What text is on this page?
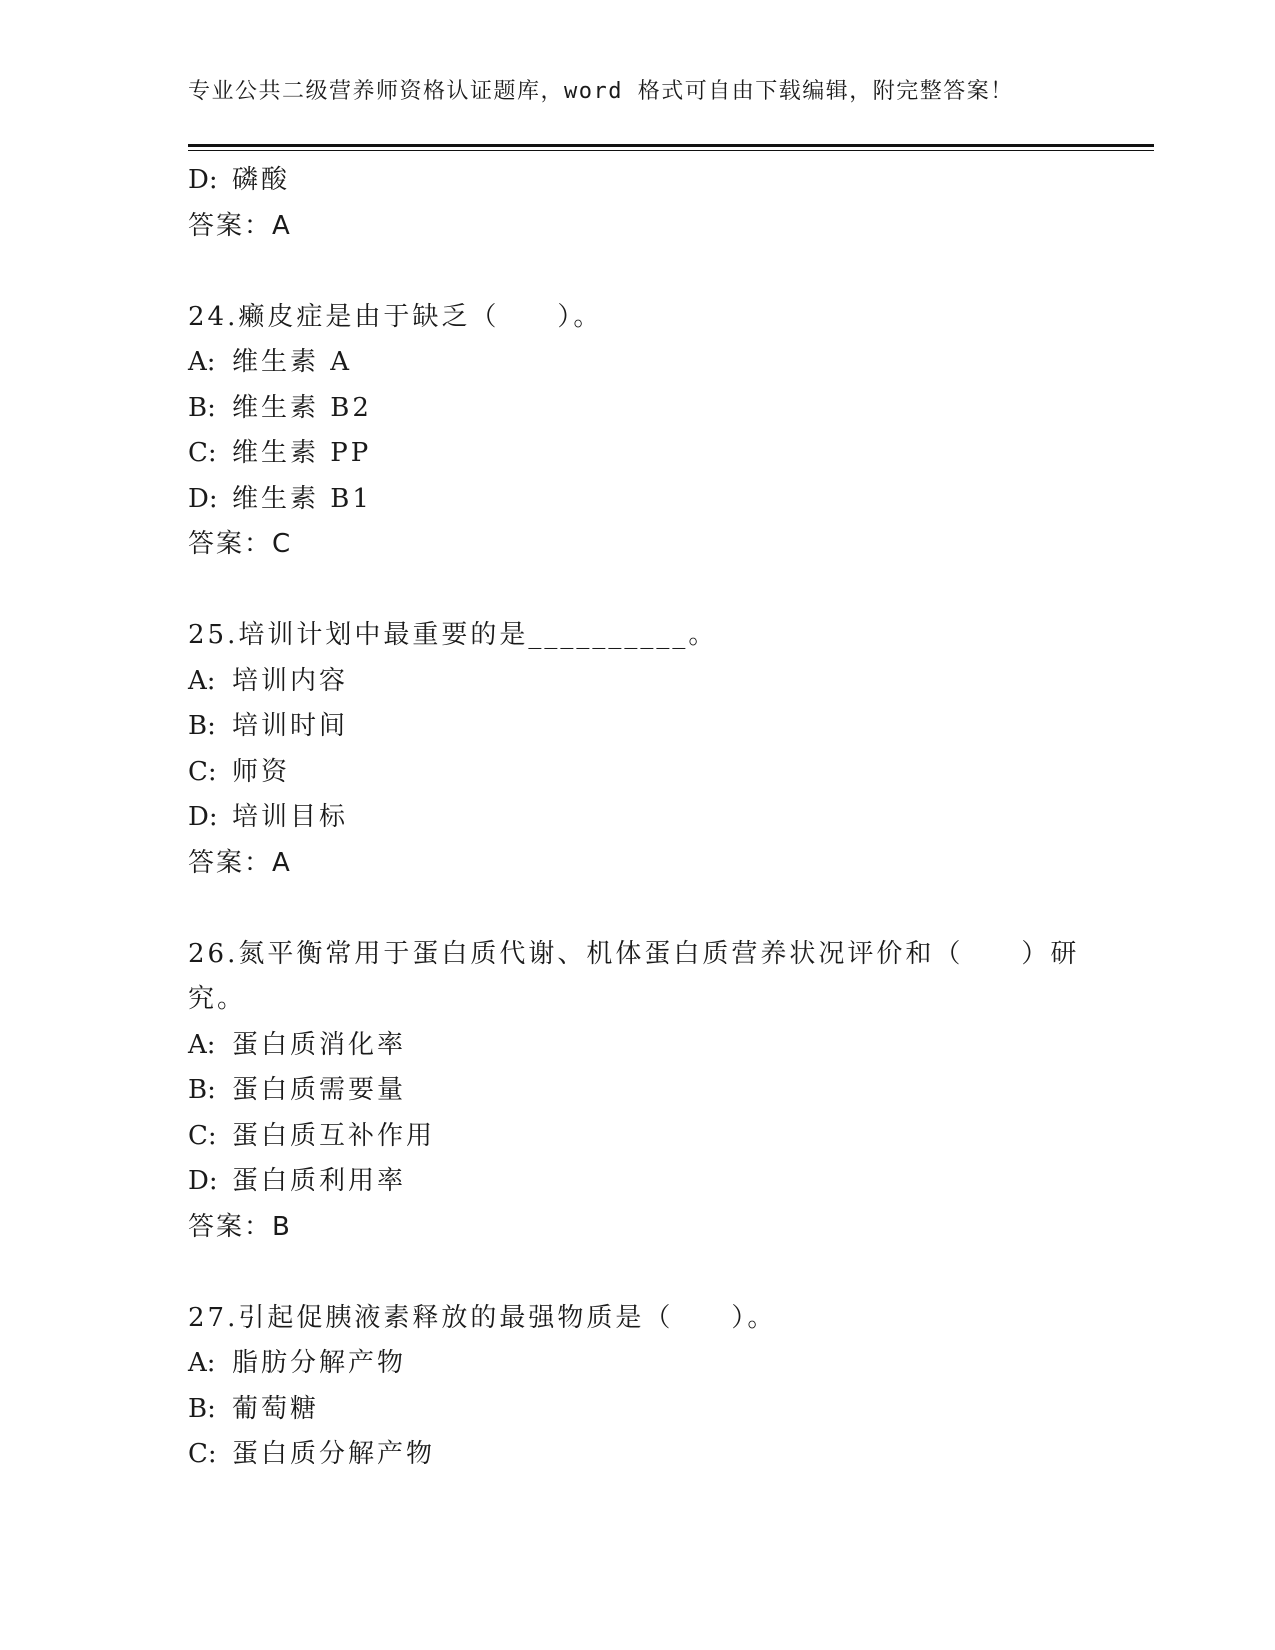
专业公共二级营养师资格认证题库，word 格式可自由下载编辑，附完整答案！
D: 磷酸
答案：A
24.癞皮症是由于缺乏（　　）。
A: 维生素 A
B: 维生素 B2
C: 维生素 PP
D: 维生素 B1
答案：C
25.培训计划中最重要的是__________。
A: 培训内容
B: 培训时间
C: 师资
D: 培训目标
答案：A
26.氮平衡常用于蛋白质代谢、机体蛋白质营养状况评价和（　　）研
究。
A: 蛋白质消化率
B: 蛋白质需要量
C: 蛋白质互补作用
D: 蛋白质利用率
答案：B
27.引起促胰液素释放的最强物质是（　　）。
A: 脂肪分解产物
B: 葡萄糖
C: 蛋白质分解产物
